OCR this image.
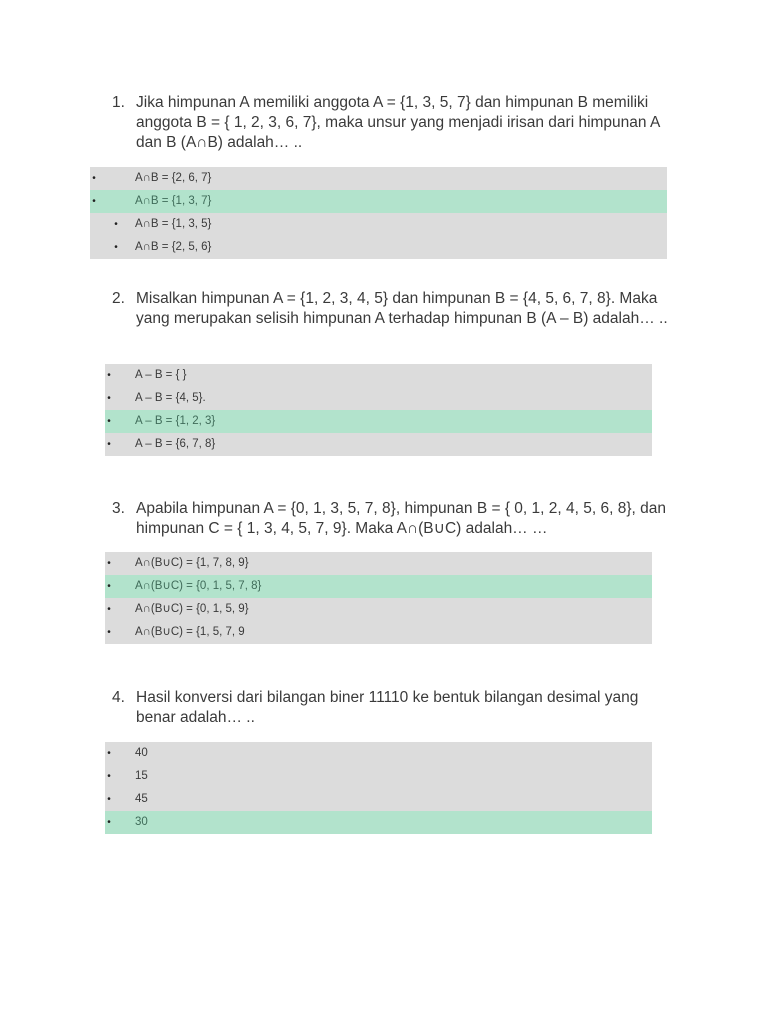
1. Jika himpunan A memiliki anggota A = {1, 3, 5, 7} dan himpunan B memiliki anggota B = { 1, 2, 3, 6, 7}, maka unsur yang menjadi irisan dari himpunan A dan B (A∩B) adalah… ..
•	A∩B = {2, 6, 7}
•	A∩B = {1, 3, 7}
•	A∩B = {1, 3, 5}
•	A∩B = {2, 5, 6}
2. Misalkan himpunan A = {1, 2, 3, 4, 5} dan himpunan B = {4, 5, 6, 7, 8}. Maka yang merupakan selisih himpunan A terhadap himpunan B (A – B) adalah… ..
•	A – B = { }
•	A – B = {4, 5}.
•	A – B = {1, 2, 3}
•	A – B = {6, 7, 8}
3. Apabila himpunan A = {0, 1, 3, 5, 7, 8}, himpunan B = { 0, 1, 2, 4, 5, 6, 8}, dan himpunan C = { 1, 3, 4, 5, 7, 9}. Maka A∩(B∪C) adalah… …
•	A∩(B∪C) = {1, 7, 8, 9}
•	A∩(B∪C) = {0, 1, 5, 7, 8}
•	A∩(B∪C) = {0, 1, 5, 9}
•	A∩(B∪C) = {1, 5, 7, 9
4. Hasil konversi dari bilangan biner 11110 ke bentuk bilangan desimal yang benar adalah… ..
•	40
•	15
•	45
•	30
